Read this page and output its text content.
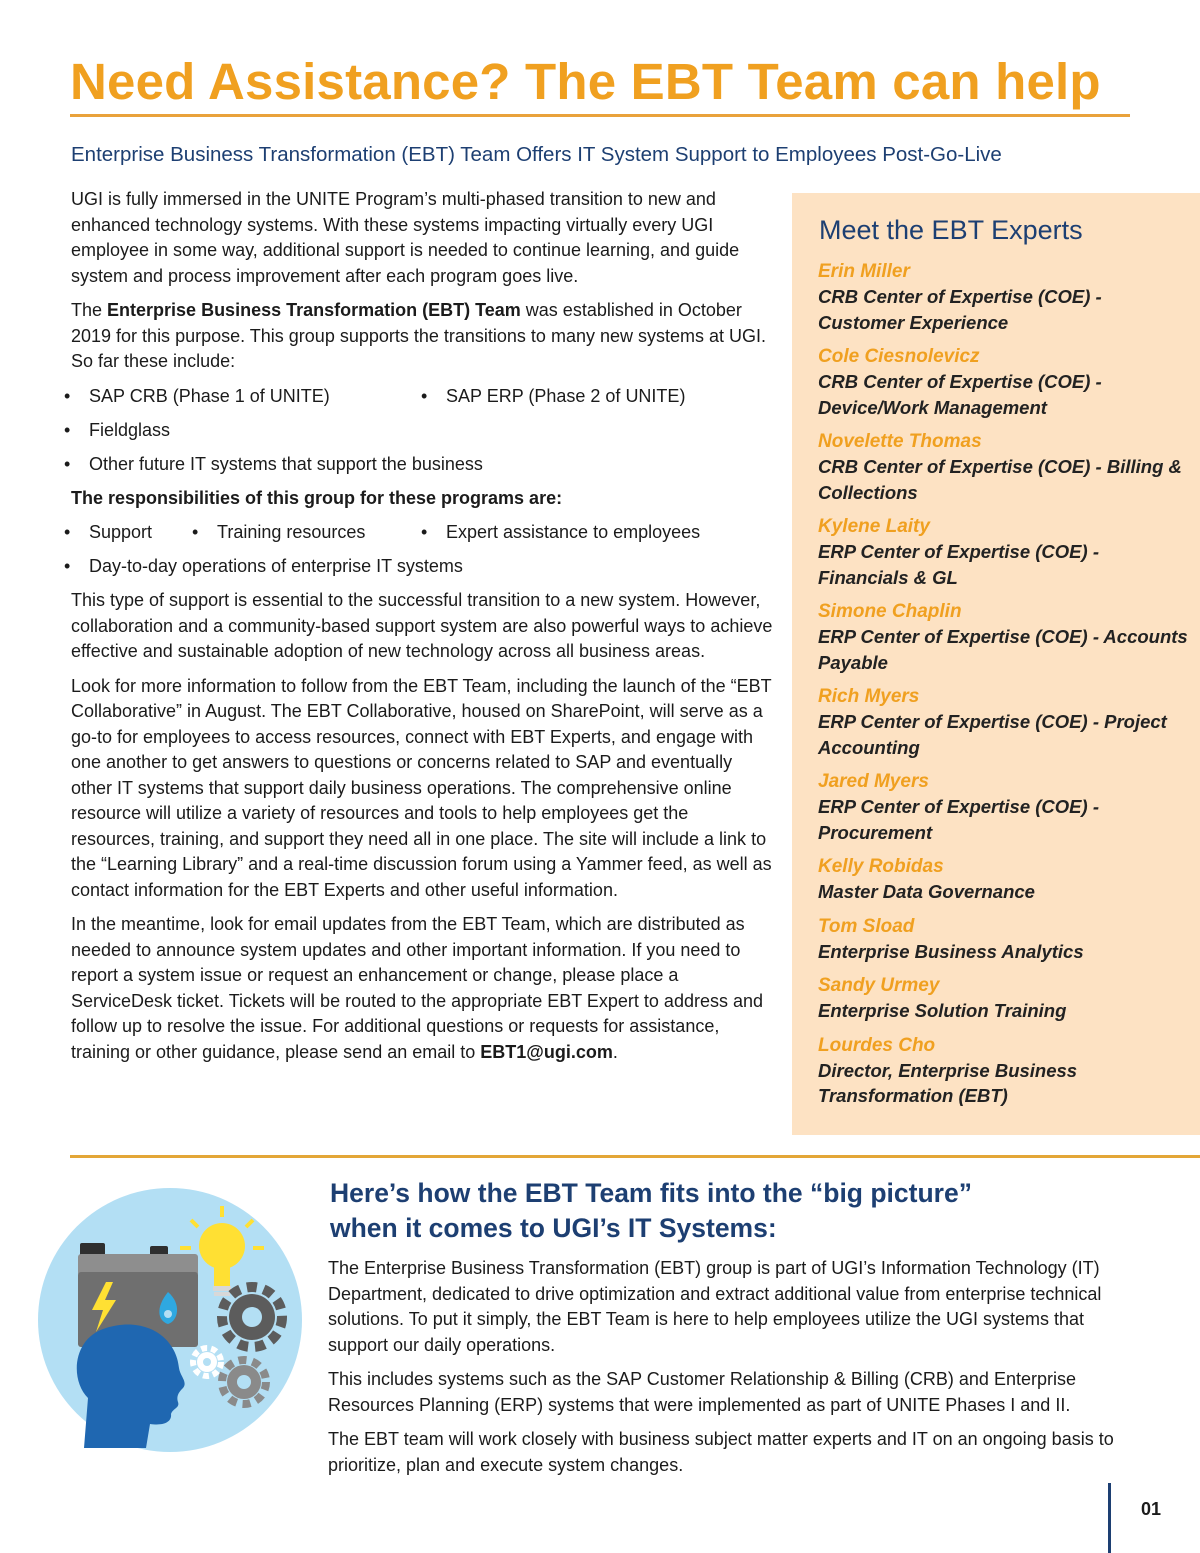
Need Assistance? The EBT Team can help
Enterprise Business Transformation (EBT) Team Offers IT System Support to Employees Post-Go-Live

UGI is fully immersed in the UNITE Program’s multi-phased transition to new and enhanced technology systems. With these systems impacting virtually every UGI employee in some way, additional support is needed to continue learning, and guide system and process improvement after each program goes live.

The Enterprise Business Transformation (EBT) Team was established in October 2019 for this purpose. This group supports the transitions to many new systems at UGI. So far these include:

• SAP CRB (Phase 1 of UNITE)	• SAP ERP (Phase 2 of UNITE)
• Fieldglass
• Other future IT systems that support the business
The responsibilities of this group for these programs are:
• Support	• Training resources	• Expert assistance to employees
• Day-to-day operations of enterprise IT systems

This type of support is essential to the successful transition to a new system. However, collaboration and a community-based support system are also powerful ways to achieve effective and sustainable adoption of new technology across all business areas.

Look for more information to follow from the EBT Team, including the launch of the “EBT Collaborative” in August. The EBT Collaborative, housed on SharePoint, will serve as a go-to for employees to access resources, connect with EBT Experts, and engage with one another to get answers to questions or concerns related to SAP and eventually other IT systems that support daily business operations. The comprehensive online resource will utilize a variety of resources and tools to help employees get the resources, training, and support they need all in one place. The site will include a link to the “Learning Library” and a real-time discussion forum using a Yammer feed, as well as contact information for the EBT Experts and other useful information.

In the meantime, look for email updates from the EBT Team, which are distributed as needed to announce system updates and other important information. If you need to report a system issue or request an enhancement or change, please place a ServiceDesk ticket. Tickets will be routed to the appropriate EBT Expert to address and follow up to resolve the issue. For additional questions or requests for assistance, training or other guidance, please send an email to EBT1@ugi.com.

Meet the EBT Experts
Erin Miller
CRB Center of Expertise (COE) - Customer Experience
Cole Ciesnolevicz
CRB Center of Expertise (COE) - Device/Work Management
Novelette Thomas
CRB Center of Expertise (COE) - Billing & Collections
Kylene Laity
ERP Center of Expertise (COE) - Financials & GL
Simone Chaplin
ERP Center of Expertise (COE) - Accounts Payable
Rich Myers
ERP Center of Expertise (COE) - Project Accounting
Jared Myers
ERP Center of Expertise (COE) - Procurement
Kelly Robidas
Master Data Governance
Tom Sload
Enterprise Business Analytics
Sandy Urmey
Enterprise Solution Training
Lourdes Cho
Director, Enterprise Business Transformation (EBT)
Here’s how the EBT Team fits into the “big picture”
when it comes to UGI’s IT Systems:

The Enterprise Business Transformation (EBT) group is part of UGI’s Information Technology (IT) Department, dedicated to drive optimization and extract additional value from enterprise technical solutions. To put it simply, the EBT Team is here to help employees utilize the UGI systems that support our daily operations.

This includes systems such as the SAP Customer Relationship & Billing (CRB) and Enterprise Resources Planning (ERP) systems that were implemented as part of UNITE Phases I and II.

The EBT team will work closely with business subject matter experts and IT on an ongoing basis to prioritize, plan and execute system changes.

01
